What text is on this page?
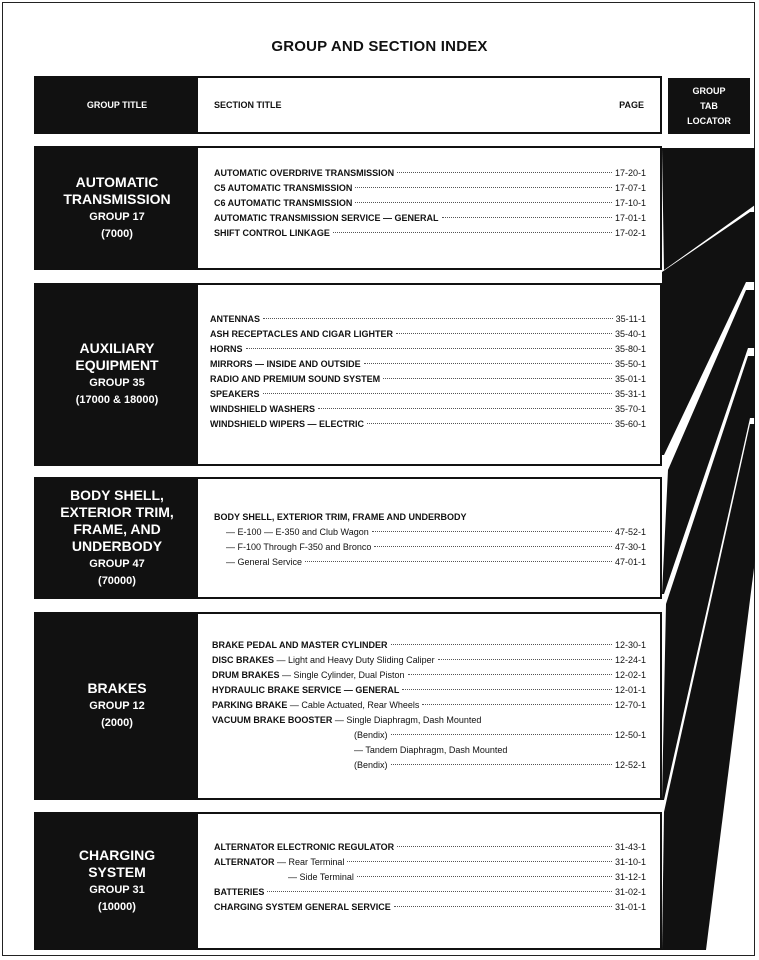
GROUP AND SECTION INDEX
GROUP TITLE	SECTION TITLE	PAGE
GROUP
TAB
LOCATOR
AUTOMATIC
TRANSMISSION
GROUP 17
(7000)
AUTOMATIC OVERDRIVE TRANSMISSION	17-20-1
C5 AUTOMATIC TRANSMISSION	17-07-1
C6 AUTOMATIC TRANSMISSION	17-10-1
AUTOMATIC TRANSMISSION SERVICE — GENERAL	17-01-1
SHIFT CONTROL LINKAGE	17-02-1
AUXILIARY
EQUIPMENT
GROUP 35
(17000 & 18000)
ANTENNAS	35-11-1
ASH RECEPTACLES AND CIGAR LIGHTER	35-40-1
HORNS	35-80-1
MIRRORS — INSIDE AND OUTSIDE	35-50-1
RADIO AND PREMIUM SOUND SYSTEM	35-01-1
SPEAKERS	35-31-1
WINDSHIELD WASHERS	35-70-1
WINDSHIELD WIPERS — ELECTRIC	35-60-1
BODY SHELL,
EXTERIOR TRIM,
FRAME, AND
UNDERBODY
GROUP 47
(70000)
BODY SHELL, EXTERIOR TRIM, FRAME AND UNDERBODY
— E-100 — E-350 and Club Wagon	47-52-1
— F-100 Through F-350 and Bronco	47-30-1
— General Service	47-01-1
BRAKES
GROUP 12
(2000)
BRAKE PEDAL AND MASTER CYLINDER	12-30-1
DISC BRAKES — Light and Heavy Duty Sliding Caliper	12-24-1
DRUM BRAKES — Single Cylinder, Dual Piston	12-02-1
HYDRAULIC BRAKE SERVICE — GENERAL	12-01-1
PARKING BRAKE — Cable Actuated, Rear Wheels	12-70-1
VACUUM BRAKE BOOSTER — Single Diaphragm, Dash Mounted
(Bendix)	12-50-1
— Tandem Diaphragm, Dash Mounted
(Bendix)	12-52-1
CHARGING
SYSTEM
GROUP 31
(10000)
ALTERNATOR ELECTRONIC REGULATOR	31-43-1
ALTERNATOR — Rear Terminal	31-10-1
— Side Terminal	31-12-1
BATTERIES	31-02-1
CHARGING SYSTEM GENERAL SERVICE	31-01-1
